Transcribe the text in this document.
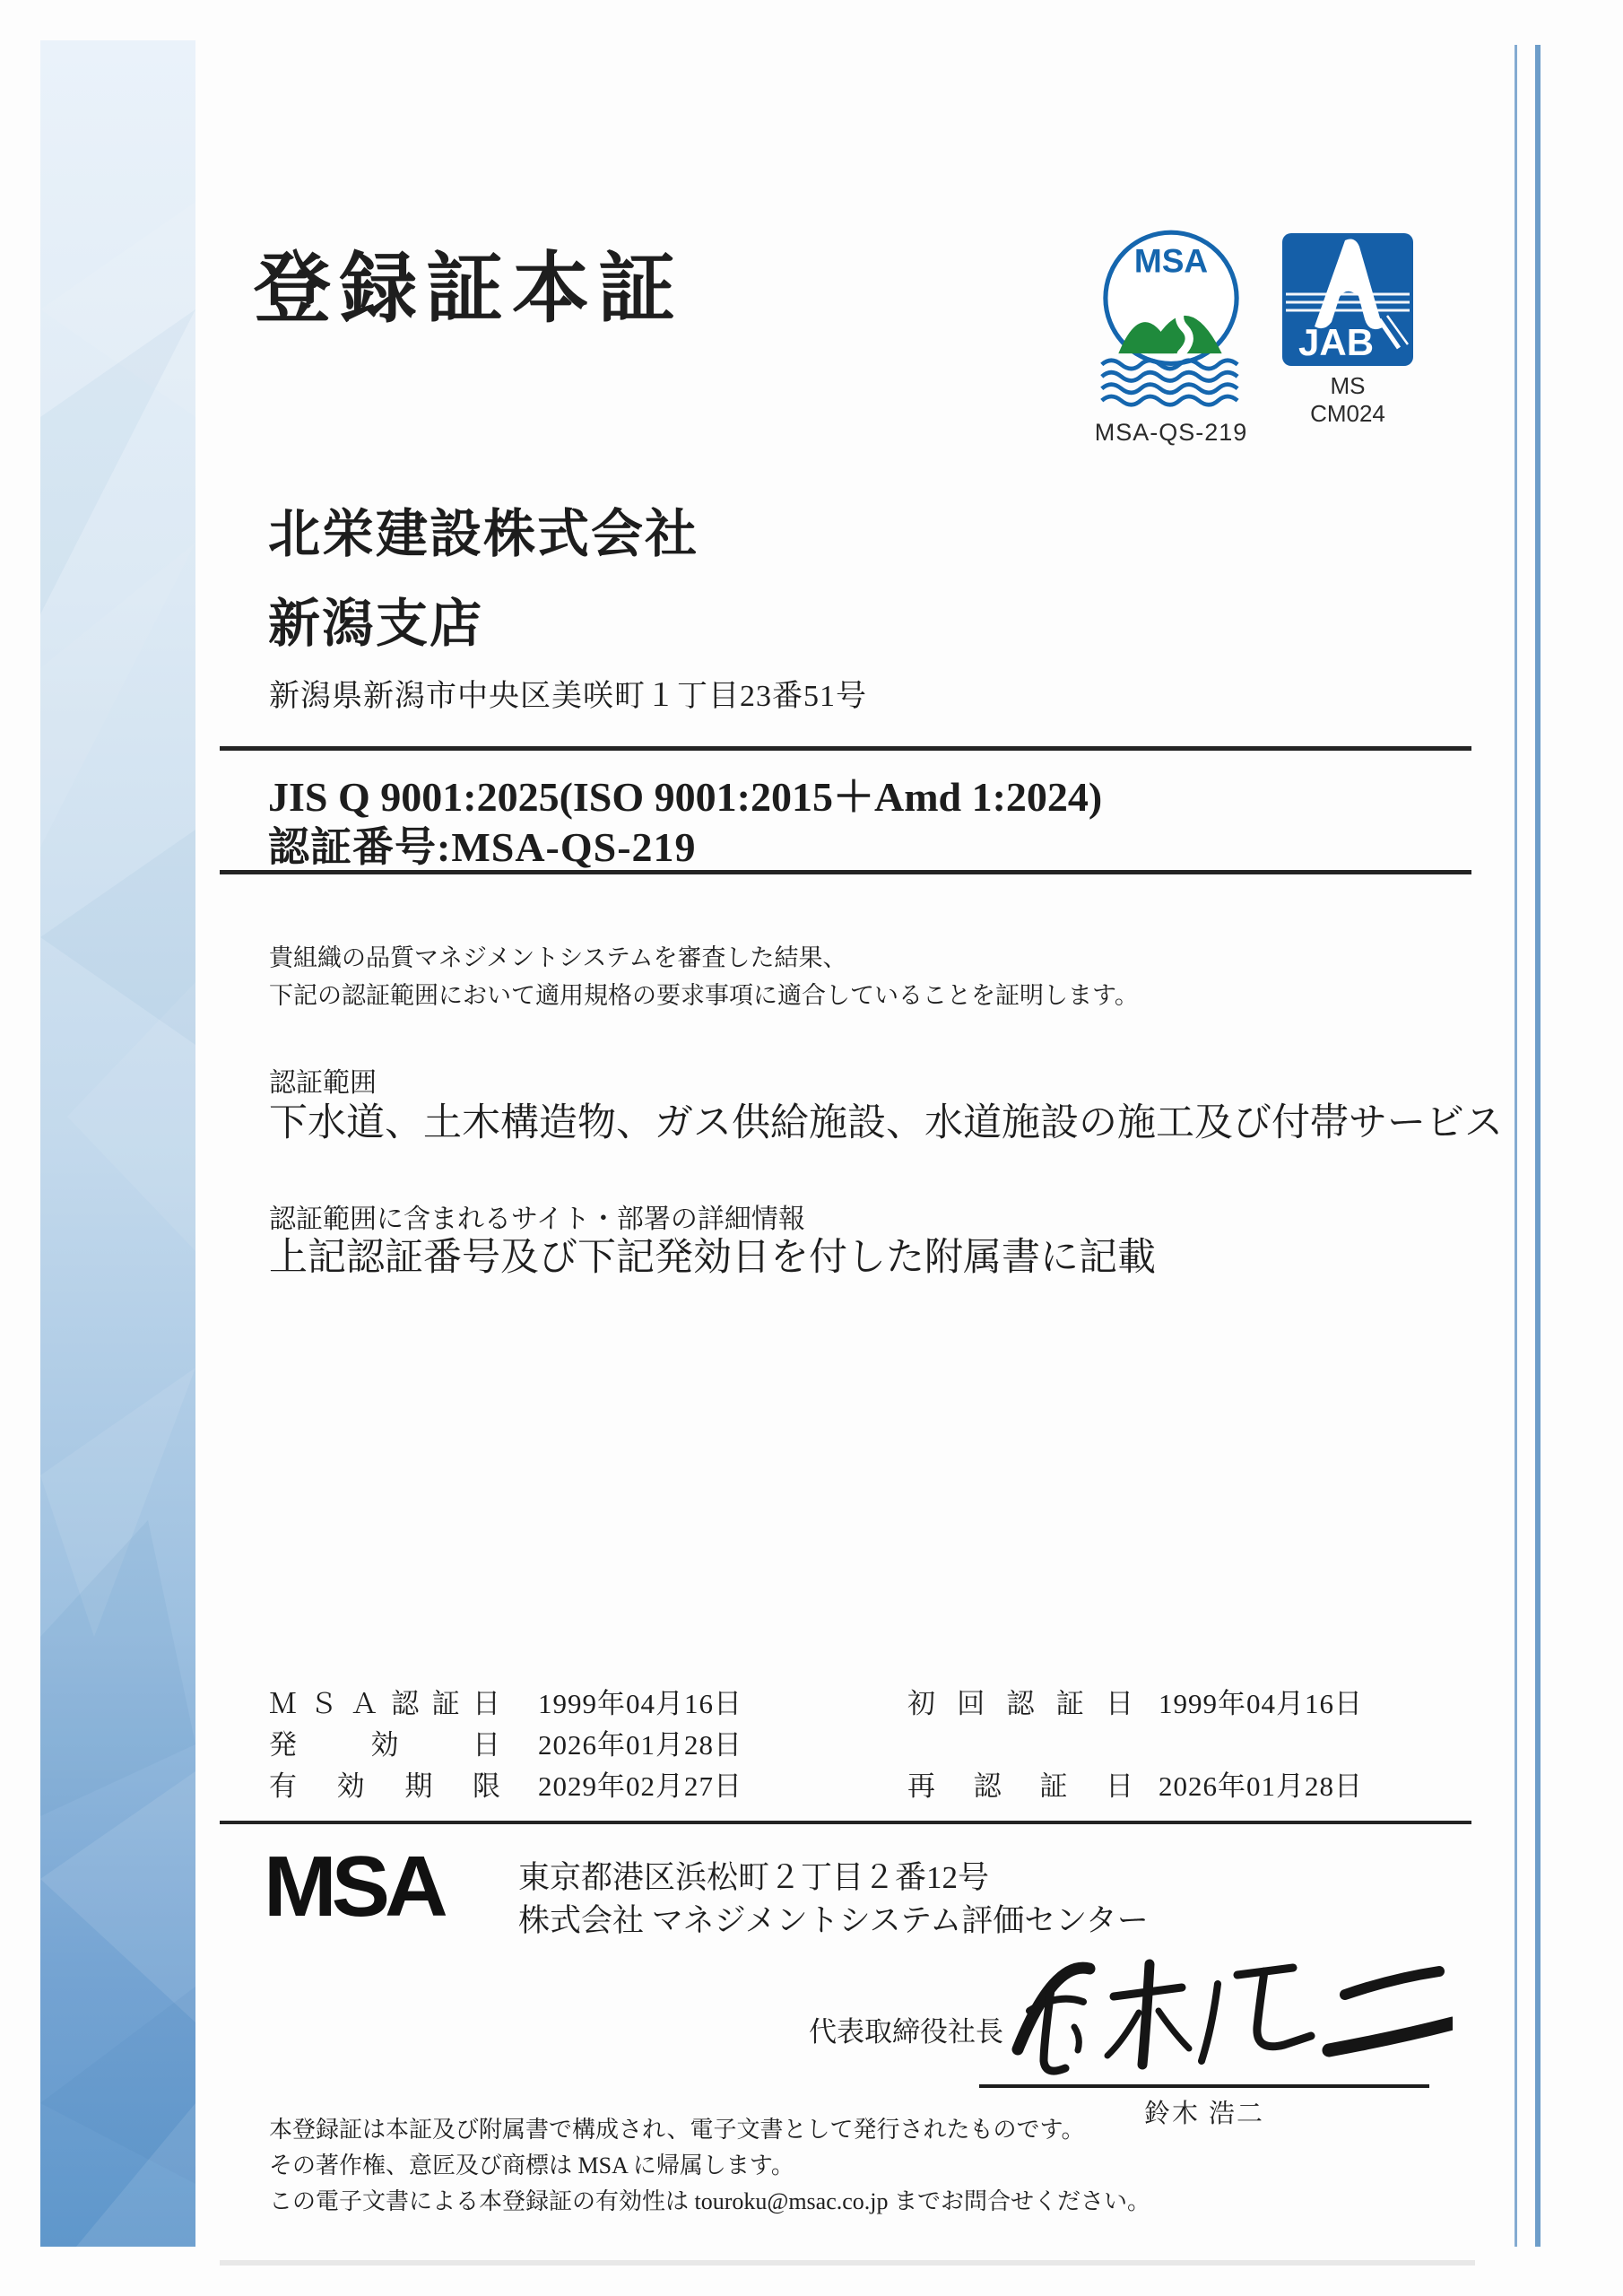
登録証本証	MSA
MSA-QS-219
JAB
MS
CM024
北栄建設株式会社
新潟支店
新潟県新潟市中央区美咲町１丁目23番51号
JIS Q 9001:2025(ISO 9001:2015＋Amd 1:2024)
認証番号:MSA-QS-219
貴組織の品質マネジメントシステムを審査した結果、
下記の認証範囲において適用規格の要求事項に適合していることを証明します。
認証範囲
下水道、土木構造物、ガス供給施設、水道施設の施工及び付帯サービス
認証範囲に含まれるサイト・部署の詳細情報
上記認証番号及び下記発効日を付した附属書に記載
ＭＳＡ認証日 1999年04月16日	初回認証日 1999年04月16日
発効日 2026年01月28日
有効期限 2029年02月27日	再認証日 2026年01月28日
MSA 東京都港区浜松町２丁目２番12号
株式会社 マネジメントシステム評価センター
代表取締役社長
鈴木 浩二
本登録証は本証及び附属書で構成され、電子文書として発行されたものです。
その著作権、意匠及び商標は MSA に帰属します。
この電子文書による本登録証の有効性は touroku@msac.co.jp までお問合せください。
